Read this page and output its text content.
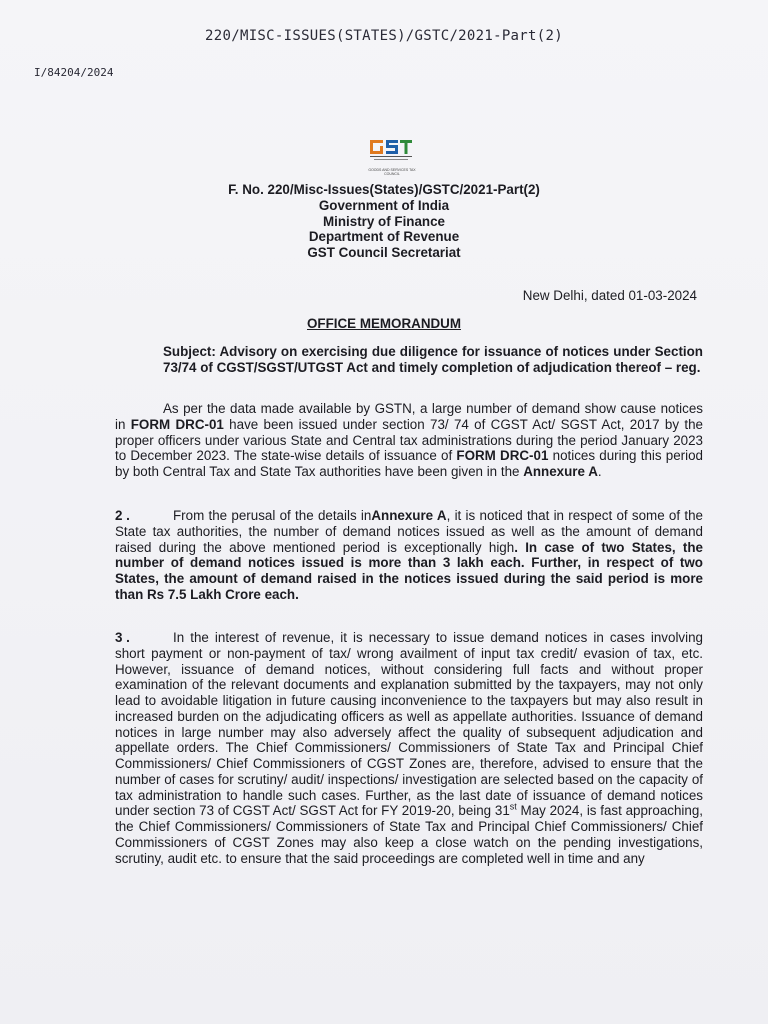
220/MISC-ISSUES(STATES)/GSTC/2021-Part(2)
I/84204/2024
GOODS AND SERVICES TAX COUNCIL
F. No. 220/Misc-Issues(States)/GSTC/2021-Part(2)
Government of India
Ministry of Finance
Department of Revenue
GST Council Secretariat
New Delhi, dated 01-03-2024
OFFICE MEMORANDUM
Subject: Advisory on exercising due diligence for issuance of notices under Section 73/74 of CGST/SGST/UTGST Act and timely completion of adjudication thereof – reg.
As per the data made available by GSTN, a large number of demand show cause notices in FORM DRC-01 have been issued under section 73/ 74 of CGST Act/ SGST Act, 2017 by the proper officers under various State and Central tax administrations during the period January 2023 to December 2023. The state-wise details of issuance of FORM DRC-01 notices during this period by both Central Tax and State Tax authorities have been given in the Annexure A.
2 .	From the perusal of the details inAnnexure A, it is noticed that in respect of some of the State tax authorities, the number of demand notices issued as well as the amount of demand raised during the above mentioned period is exceptionally high. In case of two States, the number of demand notices issued is more than 3 lakh each. Further, in respect of two States, the amount of demand raised in the notices issued during the said period is more than Rs 7.5 Lakh Crore each.
3 .	In the interest of revenue, it is necessary to issue demand notices in cases involving short payment or non-payment of tax/ wrong availment of input tax credit/ evasion of tax, etc. However, issuance of demand notices, without considering full facts and without proper examination of the relevant documents and explanation submitted by the taxpayers, may not only lead to avoidable litigation in future causing inconvenience to the taxpayers but may also result in increased burden on the adjudicating officers as well as appellate authorities. Issuance of demand notices in large number may also adversely affect the quality of subsequent adjudication and appellate orders. The Chief Commissioners/ Commissioners of State Tax and Principal Chief Commissioners/ Chief Commissioners of CGST Zones are, therefore, advised to ensure that the number of cases for scrutiny/ audit/ inspections/ investigation are selected based on the capacity of tax administration to handle such cases. Further, as the last date of issuance of demand notices under section 73 of CGST Act/ SGST Act for FY 2019-20, being 31st May 2024, is fast approaching, the Chief Commissioners/ Commissioners of State Tax and Principal Chief Commissioners/ Chief Commissioners of CGST Zones may also keep a close watch on the pending investigations, scrutiny, audit etc. to ensure that the said proceedings are completed well in time and any
